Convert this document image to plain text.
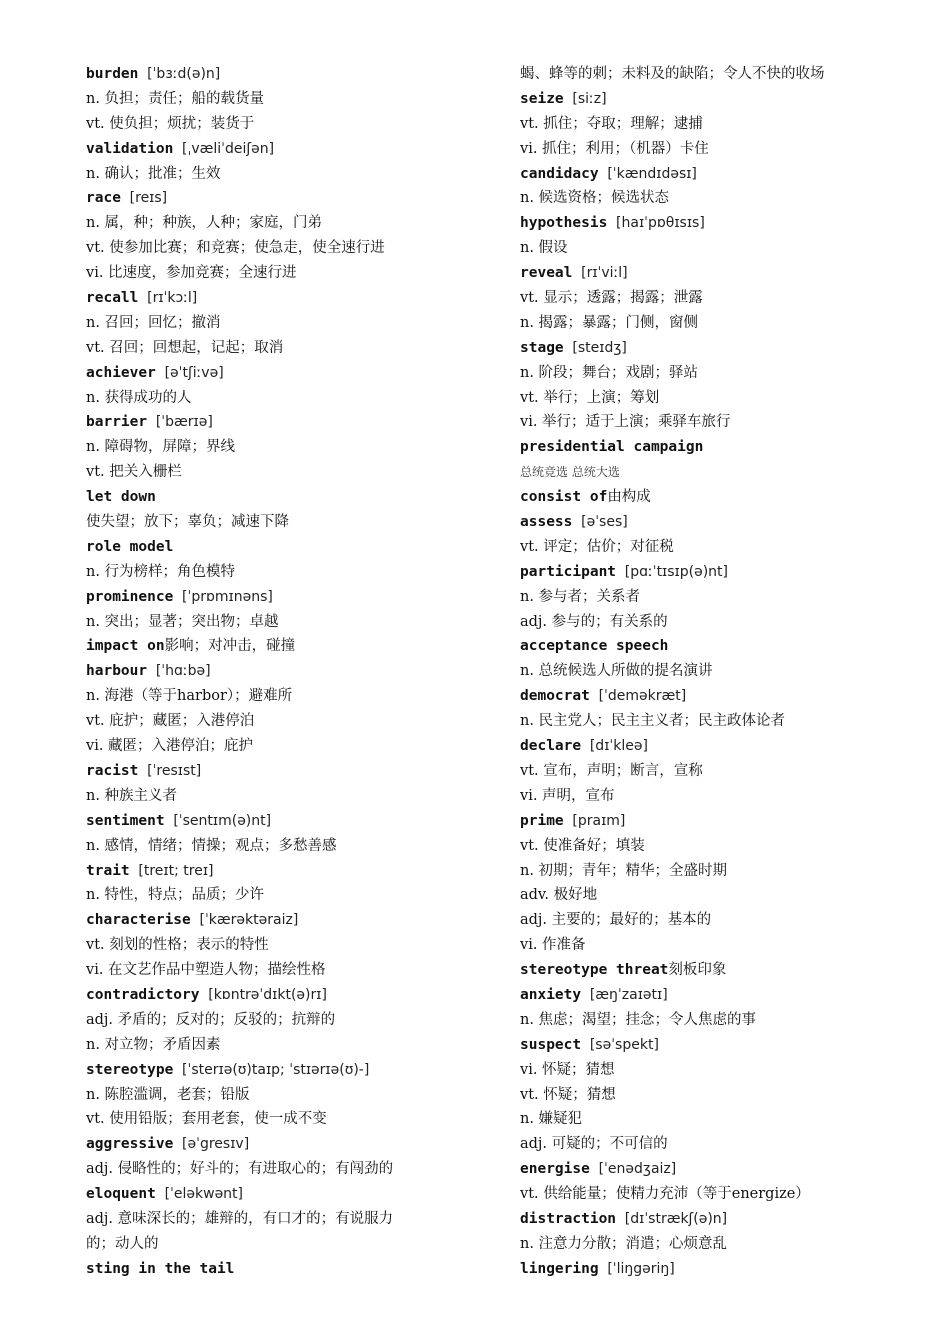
burden [ˈbɜːd(ə)n]
n. 负担；责任；船的载货量
vt. 使负担；烦扰；装货于
validation [ˌvæliˈdeiʃən]
n. 确认；批准；生效
race [reɪs]
n. 属，种；种族，人种；家庭，门弟
vt. 使参加比赛；和竞赛；使急走，使全速行进
vi. 比速度，参加竞赛；全速行进
recall [rɪˈkɔːl]
n. 召回；回忆；撤消
vt. 召回；回想起，记起；取消
achiever [əˈtʃiːvə]
n. 获得成功的人
barrier [ˈbærɪə]
n. 障碍物，屏障；界线
vt. 把关入栅栏
let down
使失望；放下；辜负；减速下降
role model
n. 行为榜样；角色模特
prominence [ˈprɒmɪnəns]
n. 突出；显著；突出物；卓越
impact on影响；对冲击，碰撞
harbour [ˈhɑːbə]
n. 海港（等于harbor）；避难所
vt. 庇护；藏匿；入港停泊
vi. 藏匿；入港停泊；庇护
racist [ˈresɪst]
n. 种族主义者
sentiment [ˈsentɪm(ə)nt]
n. 感情，情绪；情操；观点；多愁善感
trait [treɪt; treɪ]
n. 特性，特点；品质；少许
characterise [ˈkærəktəraiz]
vt. 刻划的性格；表示的特性
vi. 在文艺作品中塑造人物；描绘性格
contradictory [kɒntrəˈdɪkt(ə)rɪ]
adj. 矛盾的；反对的；反驳的；抗辩的
n. 对立物；矛盾因素
stereotype [ˈsterɪə(ʊ)taɪp; ˈstɪərɪə(ʊ)-]
n. 陈腔滥调，老套；铅版
vt. 使用铅版；套用老套，使一成不变
aggressive [əˈgresɪv]
adj. 侵略性的；好斗的；有进取心的；有闯劲的
eloquent [ˈeləkwənt]
adj. 意味深长的；雄辩的，有口才的；有说服力
的；动人的
sting in the tail
蝎、蜂等的刺；未料及的缺陷；令人不快的收场
seize [siːz]
vt. 抓住；夺取；理解；逮捕
vi. 抓住；利用；（机器）卡住
candidacy [ˈkændɪdəsɪ]
n. 候选资格；候选状态
hypothesis [haɪˈpɒθɪsɪs]
n. 假设
reveal [rɪˈviːl]
vt. 显示；透露；揭露；泄露
n. 揭露；暴露；门侧，窗侧
stage [steɪdʒ]
n. 阶段；舞台；戏剧；驿站
vt. 举行；上演；筹划
vi. 举行；适于上演；乘驿车旅行
presidential campaign
总统竞选 总统大选
consist of由构成
assess [əˈses]
vt. 评定；估价；对征税
participant [pɑːˈtɪsɪp(ə)nt]
n. 参与者；关系者
adj. 参与的；有关系的
acceptance speech
n. 总统候选人所做的提名演讲
democrat [ˈdeməkræt]
n. 民主党人；民主主义者；民主政体论者
declare [dɪˈkleə]
vt. 宣布，声明；断言，宣称
vi. 声明，宣布
prime [praɪm]
vt. 使准备好；填装
n. 初期；青年；精华；全盛时期
adv. 极好地
adj. 主要的；最好的；基本的
vi. 作准备
stereotype threat刻板印象
anxiety [æŋˈzaɪətɪ]
n. 焦虑；渴望；挂念；令人焦虑的事
suspect [səˈspekt]
vi. 怀疑；猜想
vt. 怀疑；猜想
n. 嫌疑犯
adj. 可疑的；不可信的
energise [ˈenədʒaiz]
vt. 供给能量；使精力充沛（等于energize）
distraction [dɪˈstrækʃ(ə)n]
n. 注意力分散；消遣；心烦意乱
lingering [ˈliŋgəriŋ]
